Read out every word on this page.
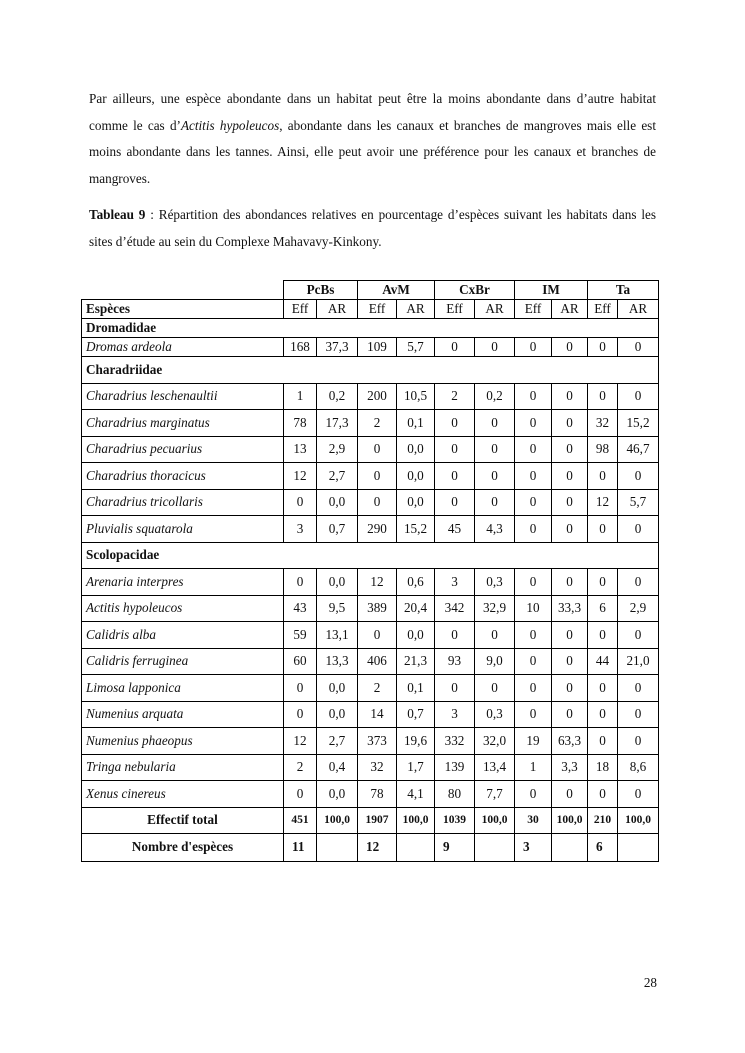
Par ailleurs, une espèce abondante dans un habitat peut être la moins abondante dans d’autre habitat comme le cas d’Actitis hypoleucos, abondante dans les canaux et branches de mangroves mais elle est moins abondante dans les tannes. Ainsi, elle peut avoir une préférence pour les canaux et branches de mangroves.

Tableau 9 : Répartition des abondances relatives en pourcentage d’espèces suivant les habitats dans les sites d’étude au sein du Complexe Mahavavy-Kinkony.

	PcBs		AvM		CxBr		IM		Ta	
Espèces	Eff	AR	Eff	AR	Eff	AR	Eff	AR	Eff	AR
Dromadidae										
Dromas ardeola	168	37,3	109	5,7	0	0	0	0	0	0
Charadriidae										
Charadrius leschenaultii	1	0,2	200	10,5	2	0,2	0	0	0	0
Charadrius marginatus	78	17,3	2	0,1	0	0	0	0	32	15,2
Charadrius pecuarius	13	2,9	0	0,0	0	0	0	0	98	46,7
Charadrius thoracicus	12	2,7	0	0,0	0	0	0	0	0	0
Charadrius tricollaris	0	0,0	0	0,0	0	0	0	0	12	5,7
Pluvialis squatarola	3	0,7	290	15,2	45	4,3	0	0	0	0
Scolopacidae										
Arenaria interpres	0	0,0	12	0,6	3	0,3	0	0	0	0
Actitis hypoleucos	43	9,5	389	20,4	342	32,9	10	33,3	6	2,9
Calidris alba	59	13,1	0	0,0	0	0	0	0	0	0
Calidris ferruginea	60	13,3	406	21,3	93	9,0	0	0	44	21,0
Limosa lapponica	0	0,0	2	0,1	0	0	0	0	0	0
Numenius arquata	0	0,0	14	0,7	3	0,3	0	0	0	0
Numenius phaeopus	12	2,7	373	19,6	332	32,0	19	63,3	0	0
Tringa nebularia	2	0,4	32	1,7	139	13,4	1	3,3	18	8,6
Xenus cinereus	0	0,0	78	4,1	80	7,7	0	0	0	0
Effectif total	451	100,0	1907	100,0	1039	100,0	30	100,0	210	100,0
Nombre d'espèces	11		12		9		3		6	
28
